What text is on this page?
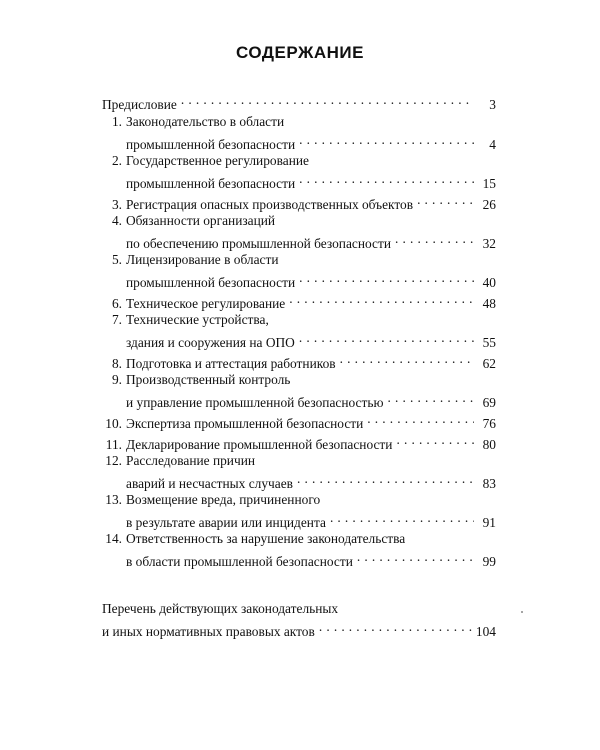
СОДЕРЖАНИЕ
Предисловие . . .	3
1. Законодательство в области
промышленной безопасности . . .	4
2. Государственное регулирование
промышленной безопасности . . .	15
3. Регистрация опасных производственных объектов . . .	26
4. Обязанности организаций
по обеспечению промышленной безопасности . . .	32
5. Лицензирование в области
промышленной безопасности . . .	40
6. Техническое регулирование . . .	48
7. Технические устройства,
здания и сооружения на ОПО . . .	55
8. Подготовка и аттестация работников . . .	62
9. Производственный контроль
и управление промышленной безопасностью . . .	69
10. Экспертиза промышленной безопасности . . .	76
11. Декларирование промышленной безопасности . . .	80
12. Расследование причин
аварий и несчастных случаев . . .	83
13. Возмещение вреда, причиненного
в результате аварии или инцидента . . .	91
14. Ответственность за нарушение законодательства
в области промышленной безопасности . . .	99
Перечень действующих законодательных
и иных нормативных правовых актов . . .	104
